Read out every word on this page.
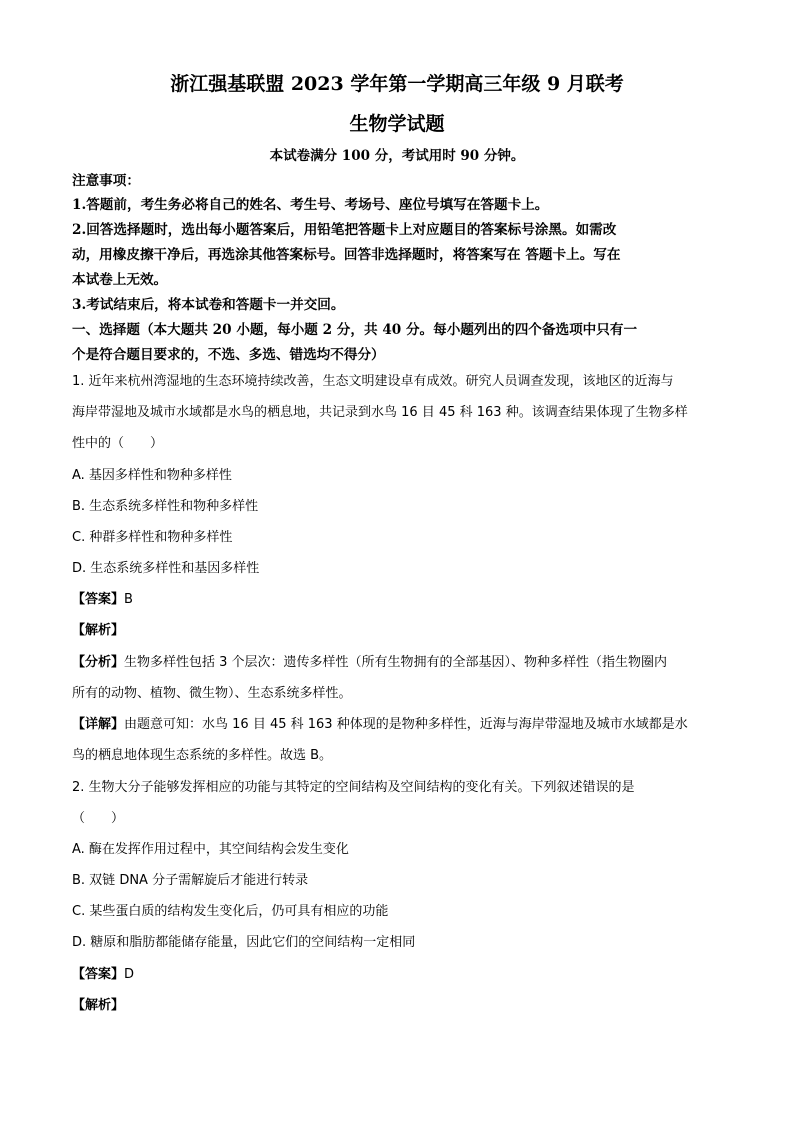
浙江强基联盟 2023 学年第一学期高三年级 9 月联考
生物学试题
本试卷满分 100 分，考试用时 90 分钟。
注意事项：
1.答题前，考生务必将自己的姓名、考生号、考场号、座位号填写在答题卡上。
2.回答选择题时，选出每小题答案后，用铅笔把答题卡上对应题目的答案标号涂黑。如需改
动，用橡皮擦干净后，再选涂其他答案标号。回答非选择题时，将答案写在 答题卡上。写在
本试卷上无效。
3.考试结束后，将本试卷和答题卡一并交回。
一、选择题（本大题共 20 小题，每小题 2 分，共 40 分。每小题列出的四个备选项中只有一
个是符合题目要求的，不选、多选、错选均不得分）
1. 近年来杭州湾湿地的生态环境持续改善，生态文明建设卓有成效。研究人员调查发现，该地区的近海与
海岸带湿地及城市水域都是水鸟的栖息地，共记录到水鸟 16 目 45 科 163 种。该调查结果体现了生物多样
性中的（　　）
A. 基因多样性和物种多样性
B. 生态系统多样性和物种多样性
C. 种群多样性和物种多样性
D. 生态系统多样性和基因多样性
【答案】B
【解析】
【分析】生物多样性包括 3 个层次：遗传多样性（所有生物拥有的全部基因）、物种多样性（指生物圈内
所有的动物、植物、微生物）、生态系统多样性。
【详解】由题意可知：水鸟 16 目 45 科 163 种体现的是物种多样性，近海与海岸带湿地及城市水域都是水
鸟的栖息地体现生态系统的多样性。故选 B。
2. 生物大分子能够发挥相应的功能与其特定的空间结构及空间结构的变化有关。下列叙述错误的是
（　　）
A. 酶在发挥作用过程中，其空间结构会发生变化
B. 双链 DNA 分子需解旋后才能进行转录
C. 某些蛋白质的结构发生变化后，仍可具有相应的功能
D. 糖原和脂肪都能储存能量，因此它们的空间结构一定相同
【答案】D
【解析】
